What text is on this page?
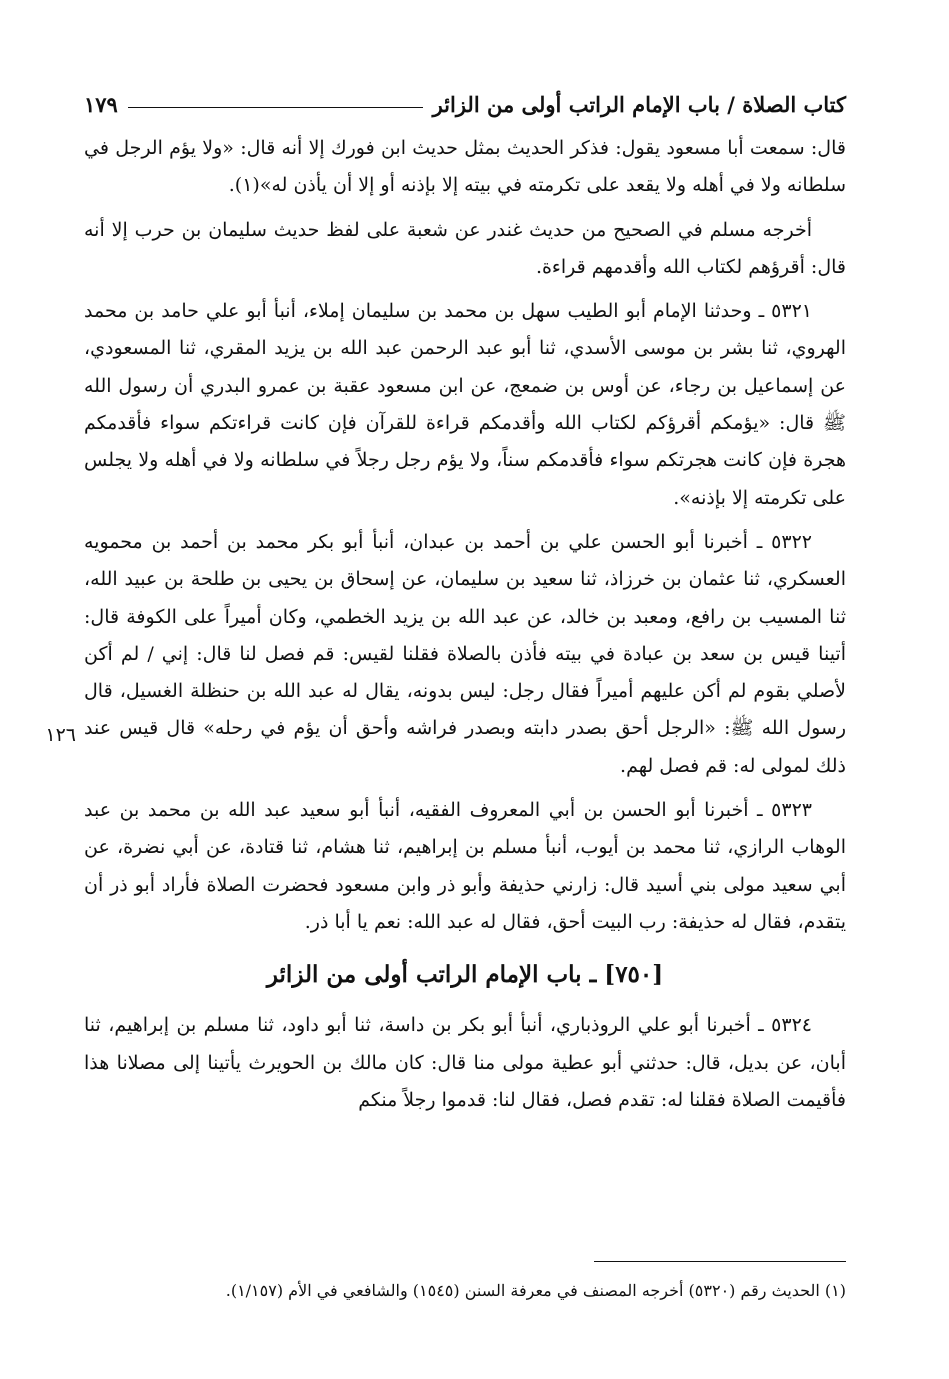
كتاب الصلاة / باب الإمام الراتب أولى من الزائر
١٧٩

قال: سمعت أبا مسعود يقول: فذكر الحديث بمثل حديث ابن فورك إلا أنه قال: «ولا يؤم الرجل في سلطانه ولا في أهله ولا يقعد على تكرمته في بيته إلا بإذنه أو إلا أن يأذن له»(١).

أخرجه مسلم في الصحيح من حديث غندر عن شعبة على لفظ حديث سليمان بن حرب إلا أنه قال: أقرؤهم لكتاب الله وأقدمهم قراءة.

٥٣٢١ ـ وحدثنا الإمام أبو الطيب سهل بن محمد بن سليمان إملاء، أنبأ أبو علي حامد بن محمد الهروي، ثنا بشر بن موسى الأسدي، ثنا أبو عبد الرحمن عبد الله بن يزيد المقري، ثنا المسعودي، عن إسماعيل بن رجاء، عن أوس بن ضمعج، عن ابن مسعود عقبة بن عمرو البدري أن رسول الله ﷺ قال: «يؤمكم أقرؤكم لكتاب الله وأقدمكم قراءة للقرآن فإن كانت قراءتكم سواء فأقدمكم هجرة فإن كانت هجرتكم سواء فأقدمكم سناً، ولا يؤم رجل رجلاً في سلطانه ولا في أهله ولا يجلس على تكرمته إلا بإذنه».

٥٣٢٢ ـ أخبرنا أبو الحسن علي بن أحمد بن عبدان، أنبأ أبو بكر محمد بن أحمد بن محمويه العسكري، ثنا عثمان بن خرزاذ، ثنا سعيد بن سليمان، عن إسحاق بن يحيى بن طلحة بن عبيد الله، ثنا المسيب بن رافع، ومعبد بن خالد، عن عبد الله بن يزيد الخطمي، وكان أميراً على الكوفة قال: أتينا قيس بن سعد بن عبادة في بيته فأذن بالصلاة فقلنا لقيس: قم فصل لنا قال: إني / لم أكن لأصلي بقوم لم أكن عليهم أميراً فقال رجل: ليس بدونه، يقال له عبد الله بن حنظلة الغسيل، قال رسول الله ﷺ: «الرجل أحق بصدر دابته وبصدر فراشه وأحق أن يؤم في رحله» قال قيس عند ذلك لمولى له: قم فصل لهم.

٥٣٢٣ ـ أخبرنا أبو الحسن بن أبي المعروف الفقيه، أنبأ أبو سعيد عبد الله بن محمد بن عبد الوهاب الرازي، ثنا محمد بن أيوب، أنبأ مسلم بن إبراهيم، ثنا هشام، ثنا قتادة، عن أبي نضرة، عن أبي سعيد مولى بني أسيد قال: زارني حذيفة وأبو ذر وابن مسعود فحضرت الصلاة فأراد أبو ذر أن يتقدم، فقال له حذيفة: رب البيت أحق، فقال له عبد الله: نعم يا أبا ذر.

[٧٥٠] ـ باب الإمام الراتب أولى من الزائر

٥٣٢٤ ـ أخبرنا أبو علي الروذباري، أنبأ أبو بكر بن داسة، ثنا أبو داود، ثنا مسلم بن إبراهيم، ثنا أبان، عن بديل، قال: حدثني أبو عطية مولى منا قال: كان مالك بن الحويرث يأتينا إلى مصلانا هذا فأقيمت الصلاة فقلنا له: تقدم فصل، فقال لنا: قدموا رجلاً منكم

١٢٦
(١) الحديث رقم (٥٣٢٠) أخرجه المصنف في معرفة السنن (١٥٤٥) والشافعي في الأم (١/١٥٧).
